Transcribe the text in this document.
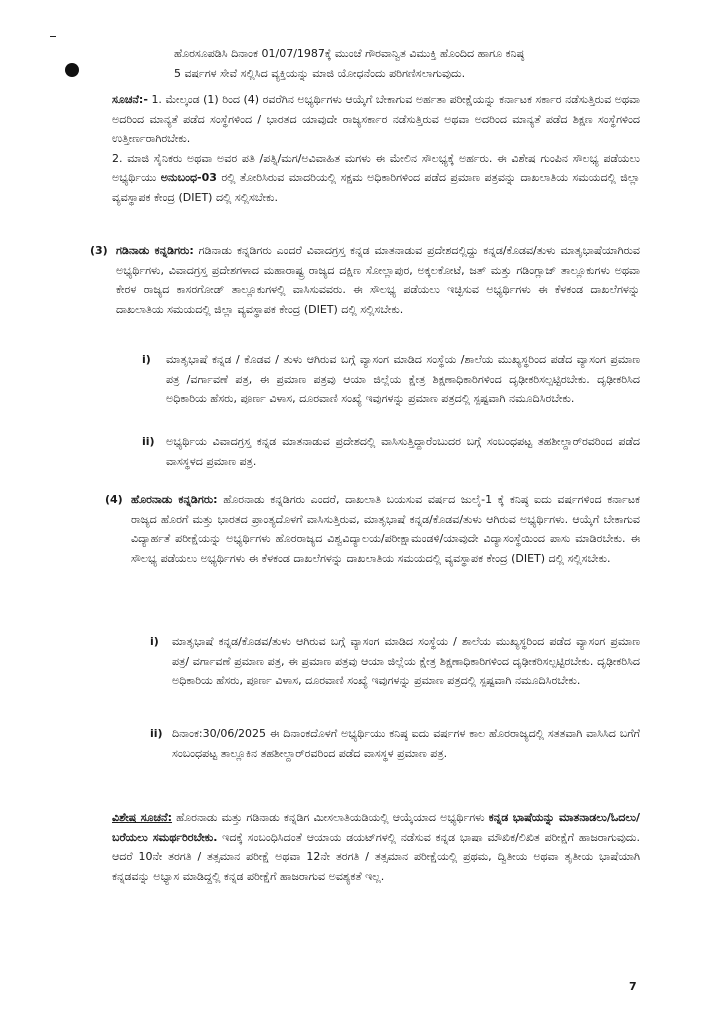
ಹೊರಸೂಪಡಿಸಿ ದಿನಾಂಕ 01/07/1987ಕ್ಕೆ ಮುಂಚೆ ಗೌರವಾನ್ವಿತ ವಿಮುಕ್ತಿ ಹೊಂದಿದ ಹಾಗೂ ಕನಿಷ್ಠ
5 ವರ್ಷಗಳ ಸೇವೆ ಸಲ್ಲಿಸಿದ ವ್ಯಕ್ತಿಯನ್ನು ಮಾಜಿ ಯೋಧನೆಂದು ಪರಿಗಣಿಸಲಾಗುವುದು.
ಸೂಚನೆ:- 1. ಮೇಲ್ಕಂಡ (1) ರಿಂದ (4) ರವರೆಗಿನ ಅಭ್ಯರ್ಥಿಗಳು ಆಯ್ಕೆಗೆ ಬೇಕಾಗುವ ಅರ್ಹತಾ ಪರೀಕ್ಷೆಯನ್ನು ಕರ್ನಾಟಕ ಸರ್ಕಾರ ನಡೆಸುತ್ತಿರುವ ಅಥವಾ ಅದರಿಂದ ಮಾನ್ಯತೆ ಪಡೆದ ಸಂಸ್ಥೆಗಳಿಂದ / ಭಾರತದ ಯಾವುದೇ ರಾಜ್ಯಸರ್ಕಾರ ನಡೆಸುತ್ತಿರುವ ಅಥವಾ ಅದರಿಂದ ಮಾನ್ಯತೆ ಪಡೆದ ಶಿಕ್ಷಣ ಸಂಸ್ಥೆಗಳಿಂದ ಉತ್ತೀರ್ಣರಾಗಿರಬೇಕು.
2. ಮಾಜಿ ಸೈನಿಕರು ಅಥವಾ ಅವರ ಪತಿ /ಪತ್ನಿ/ಮಗ/ಅವಿವಾಹಿತ ಮಗಳು ಈ ಮೇಲಿನ ಸೌಲಭ್ಯಕ್ಕೆ ಅರ್ಹರು. ಈ ವಿಶೇಷ ಗುಂಪಿನ ಸೌಲಭ್ಯ ಪಡೆಯಲು ಅಭ್ಯರ್ಥಿಯು ಅನುಬಂಧ-03 ರಲ್ಲಿ ತೋರಿಸಿರುವ ಮಾದರಿಯಲ್ಲಿ ಸಕ್ಷಮ ಅಧಿಕಾರಿಗಳಿಂದ ಪಡೆದ ಪ್ರಮಾಣ ಪತ್ರವನ್ನು ದಾಖಲಾತಿಯ ಸಮಯದಲ್ಲಿ ಜಿಲ್ಲಾ ವ್ಯವಸ್ಥಾಪಕ ಕೇಂದ್ರ (DIET) ದಲ್ಲಿ ಸಲ್ಲಿಸಬೇಕು.
(3) ಗಡಿನಾಡು ಕನ್ನಡಿಗರು: ಗಡಿನಾಡು ಕನ್ನಡಿಗರು ಎಂದರೆ ವಿವಾದಗ್ರಸ್ತ ಕನ್ನಡ ಮಾತನಾಡುವ ಪ್ರದೇಶದಲ್ಲಿದ್ದು ಕನ್ನಡ/ಕೊಡವ/ತುಳು ಮಾತೃಭಾಷೆಯಾಗಿರುವ ಅಭ್ಯರ್ಥಿಗಳು, ವಿವಾದಗ್ರಸ್ತ ಪ್ರದೇಶಗಳಾದ ಮಹಾರಾಷ್ಟ್ರ ರಾಜ್ಯದ ದಕ್ಷಿಣ ಸೋಲ್ಲಾಪುರ, ಅಕ್ಕಲಕೋಟೆ, ಜತ್ ಮತ್ತು ಗಡಿಂಗ್ಲಾಜ್ ತಾಲ್ಲೂಕುಗಳು ಅಥವಾ ಕೇರಳ ರಾಜ್ಯದ ಕಾಸರಗೋಡ್ ತಾಲ್ಲೂಕುಗಳಲ್ಲಿ ವಾಸಿಸುವವರು. ಈ ಸೌಲಭ್ಯ ಪಡೆಯಲು ಇಚ್ಛಿಸುವ ಅಭ್ಯರ್ಥಿಗಳು ಈ ಕೆಳಕಂಡ ದಾಖಲೆಗಳನ್ನು ದಾಖಲಾತಿಯ ಸಮಯದಲ್ಲಿ ಜಿಲ್ಲಾ ವ್ಯವಸ್ಥಾಪಕ ಕೇಂದ್ರ (DIET) ದಲ್ಲಿ ಸಲ್ಲಿಸಬೇಕು.
i) ಮಾತೃಭಾಷೆ ಕನ್ನಡ / ಕೊಡವ / ತುಳು ಆಗಿರುವ ಬಗ್ಗೆ ವ್ಯಾಸಂಗ ಮಾಡಿದ ಸಂಸ್ಥೆಯ /ಶಾಲೆಯ ಮುಖ್ಯಸ್ಥರಿಂದ ಪಡೆದ ವ್ಯಾಸಂಗ ಪ್ರಮಾಣ ಪತ್ರ /ವರ್ಗಾವಣೆ ಪತ್ರ, ಈ ಪ್ರಮಾಣ ಪತ್ರವು ಆಯಾ ಜಿಲ್ಲೆಯ ಕ್ಷೇತ್ರ ಶಿಕ್ಷಣಾಧಿಕಾರಿಗಳಿಂದ ದೃಢೀಕರಿಸಲ್ಪಟ್ಟಿರಬೇಕು. ದೃಢೀಕರಿಸಿದ ಅಧಿಕಾರಿಯ ಹೆಸರು, ಪೂರ್ಣ ವಿಳಾಸ, ದೂರವಾಣಿ ಸಂಖ್ಯೆ ಇವುಗಳನ್ನು ಪ್ರಮಾಣ ಪತ್ರದಲ್ಲಿ ಸ್ಪಷ್ಟವಾಗಿ ನಮೂದಿಸಿರಬೇಕು.
ii) ಅಭ್ಯರ್ಥಿಯ ವಿವಾದಗ್ರಸ್ತ ಕನ್ನಡ ಮಾತನಾಡುವ ಪ್ರದೇಶದಲ್ಲಿ ವಾಸಿಸುತ್ತಿದ್ದಾರೆಂಬುದರ ಬಗ್ಗೆ ಸಂಬಂಧಪಟ್ಟ ತಹಶೀಲ್ದಾರ್‌ರವರಿಂದ ಪಡೆದ ವಾಸಸ್ಥಳದ ಪ್ರಮಾಣ ಪತ್ರ.
(4) ಹೊರನಾಡು ಕನ್ನಡಿಗರು: ಹೊರನಾಡು ಕನ್ನಡಿಗರು ಎಂದರೆ, ದಾಖಲಾತಿ ಬಯಸುವ ವರ್ಷದ ಜುಲೈ-1 ಕ್ಕೆ ಕನಿಷ್ಠ ಐದು ವರ್ಷಗಳಿಂದ ಕರ್ನಾಟಕ ರಾಜ್ಯದ ಹೊರಗೆ ಮತ್ತು ಭಾರತದ ಪ್ರಾಂತ್ಯದೊಳಗೆ ವಾಸಿಸುತ್ತಿರುವ, ಮಾತೃಭಾಷೆ ಕನ್ನಡ/ಕೊಡವ/ತುಳು ಆಗಿರುವ ಅಭ್ಯರ್ಥಿಗಳು. ಆಯ್ಕೆಗೆ ಬೇಕಾಗುವ ವಿದ್ಯಾರ್ಹತೆ ಪರೀಕ್ಷೆಯನ್ನು ಅಭ್ಯರ್ಥಿಗಳು ಹೊರರಾಜ್ಯದ ವಿಶ್ವವಿದ್ಯಾಲಯ/ಪರೀಕ್ಷಾಮಂಡಳಿ/ಯಾವುದೇ ವಿದ್ಯಾಸಂಸ್ಥೆಯಿಂದ ಪಾಸು ಮಾಡಿರಬೇಕು. ಈ ಸೌಲಭ್ಯ ಪಡೆಯಲು ಅಭ್ಯರ್ಥಿಗಳು ಈ ಕೆಳಕಂಡ ದಾಖಲೆಗಳನ್ನು ದಾಖಲಾತಿಯ ಸಮಯದಲ್ಲಿ ವ್ಯವಸ್ಥಾಪಕ ಕೇಂದ್ರ (DIET) ದಲ್ಲಿ ಸಲ್ಲಿಸಬೇಕು.
i) ಮಾತೃಭಾಷೆ ಕನ್ನಡ/ಕೊಡವ/ತುಳು ಆಗಿರುವ ಬಗ್ಗೆ ವ್ಯಾಸಂಗ ಮಾಡಿದ ಸಂಸ್ಥೆಯ / ಶಾಲೆಯ ಮುಖ್ಯಸ್ಥರಿಂದ ಪಡೆದ ವ್ಯಾಸಂಗ ಪ್ರಮಾಣ ಪತ್ರ/ ವರ್ಗಾವಣೆ ಪ್ರಮಾಣ ಪತ್ರ, ಈ ಪ್ರಮಾಣ ಪತ್ರವು ಆಯಾ ಜಿಲ್ಲೆಯ ಕ್ಷೇತ್ರ ಶಿಕ್ಷಣಾಧಿಕಾರಿಗಳಿಂದ ದೃಢೀಕರಿಸಲ್ಪಟ್ಟಿರಬೇಕು. ದೃಢೀಕರಿಸಿದ ಅಧಿಕಾರಿಯ ಹೆಸರು, ಪೂರ್ಣ ವಿಳಾಸ, ದೂರವಾಣಿ ಸಂಖ್ಯೆ ಇವುಗಳನ್ನು ಪ್ರಮಾಣ ಪತ್ರದಲ್ಲಿ ಸ್ಪಷ್ಟವಾಗಿ ನಮೂದಿಸಿರಬೇಕು.
ii) ದಿನಾಂಕ:30/06/2025 ಈ ದಿನಾಂಕದೊಳಗೆ ಅಭ್ಯರ್ಥಿಯು ಕನಿಷ್ಠ ಐದು ವರ್ಷಗಳ ಕಾಲ ಹೊರರಾಜ್ಯದಲ್ಲಿ ಸತತವಾಗಿ ವಾಸಿಸಿದ ಬಗೆಗೆ ಸಂಬಂಧಪಟ್ಟ ತಾಲ್ಲೂಕಿನ ತಹಶೀಲ್ದಾರ್‌ರವರಿಂದ ಪಡೆದ ವಾಸಸ್ಥಳ ಪ್ರಮಾಣ ಪತ್ರ.
ವಿಶೇಷ ಸೂಚನೆ: ಹೊರನಾಡು ಮತ್ತು ಗಡಿನಾಡು ಕನ್ನಡಿಗ ಮೀಸಲಾತಿಯಡಿಯಲ್ಲಿ ಆಯ್ಕೆಯಾದ ಅಭ್ಯರ್ಥಿಗಳು ಕನ್ನಡ ಭಾಷೆಯನ್ನು ಮಾತನಾಡಲು/ಓದಲು/ಬರೆಯಲು ಸಮರ್ಥರಿರಬೇಕು. ಇದಕ್ಕೆ ಸಂಬಂಧಿಸಿದಂತೆ ಆಯಾಯ ಡಯಟ್‌ಗಳಲ್ಲಿ ನಡೆಸುವ ಕನ್ನಡ ಭಾಷಾ ಮೌಖಿಕ/ಲಿಖಿತ ಪರೀಕ್ಷೆಗೆ ಹಾಜರಾಗುವುದು. ಆದರೆ 10ನೇ ತರಗತಿ / ತತ್ಸಮಾನ ಪರೀಕ್ಷೆ ಅಥವಾ 12ನೇ ತರಗತಿ / ತತ್ಸಮಾನ ಪರೀಕ್ಷೆಯಲ್ಲಿ ಪ್ರಥಮ, ದ್ವಿತೀಯ ಅಥವಾ ತೃತೀಯ ಭಾಷೆಯಾಗಿ ಕನ್ನಡವನ್ನು ಅಭ್ಯಾಸ ಮಾಡಿದ್ದಲ್ಲಿ ಕನ್ನಡ ಪರೀಕ್ಷೆಗೆ ಹಾಜರಾಗುವ ಅವಶ್ಯಕತೆ ಇಲ್ಲ.
7
